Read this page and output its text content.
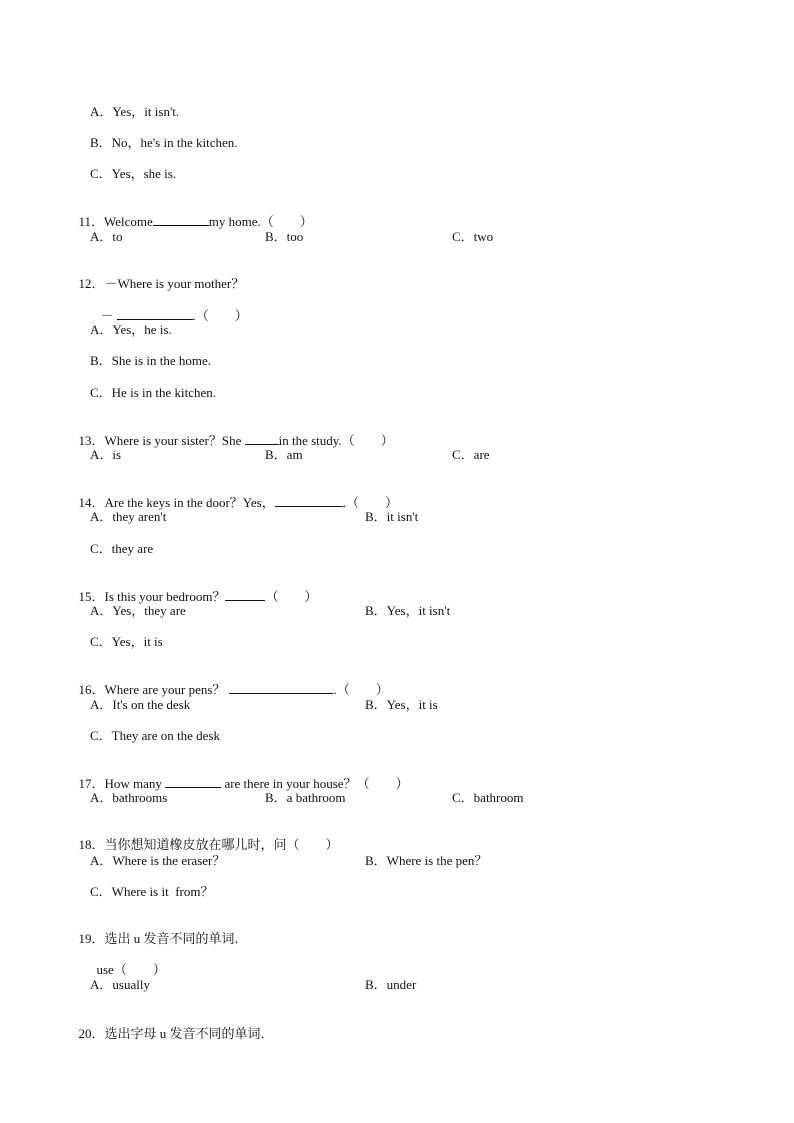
A．Yes，it isn't.
B．No，he's in the kitchen.
C．Yes，she is.

11．Welcome	my home.（　　）

A．to	B．too	C．two

12．－Where is your mother？

－	.（　　）

A．Yes，he is.
B．She is in the home.
C．He is in the kitchen.

13．Where is your sister？She	in the study.（　　）

A．is	B．am	C．are

14．Are the keys in the door？Yes，	.（　　）

A．they aren't	B．it isn't
C．they are

15．Is this your bedroom？	（　　）

A．Yes，they are	B．Yes，it isn't
C．Yes，it is

16．Where are your pens？	.（　　）

A．It's on the desk	B．Yes，it is
C．They are on the desk

17．How many	are there in your house？（　　）

A．bathrooms	B．a bathroom	C．bathroom

18．当你想知道橡皮放在哪儿时，问（　　）

A．Where is the eraser？	B．Where is the pen？
C．Where is it  from？

19．选出 u 发音不同的单词．

use（　　）

A．usually	B．under

20．选出字母 u 发音不同的单词．
